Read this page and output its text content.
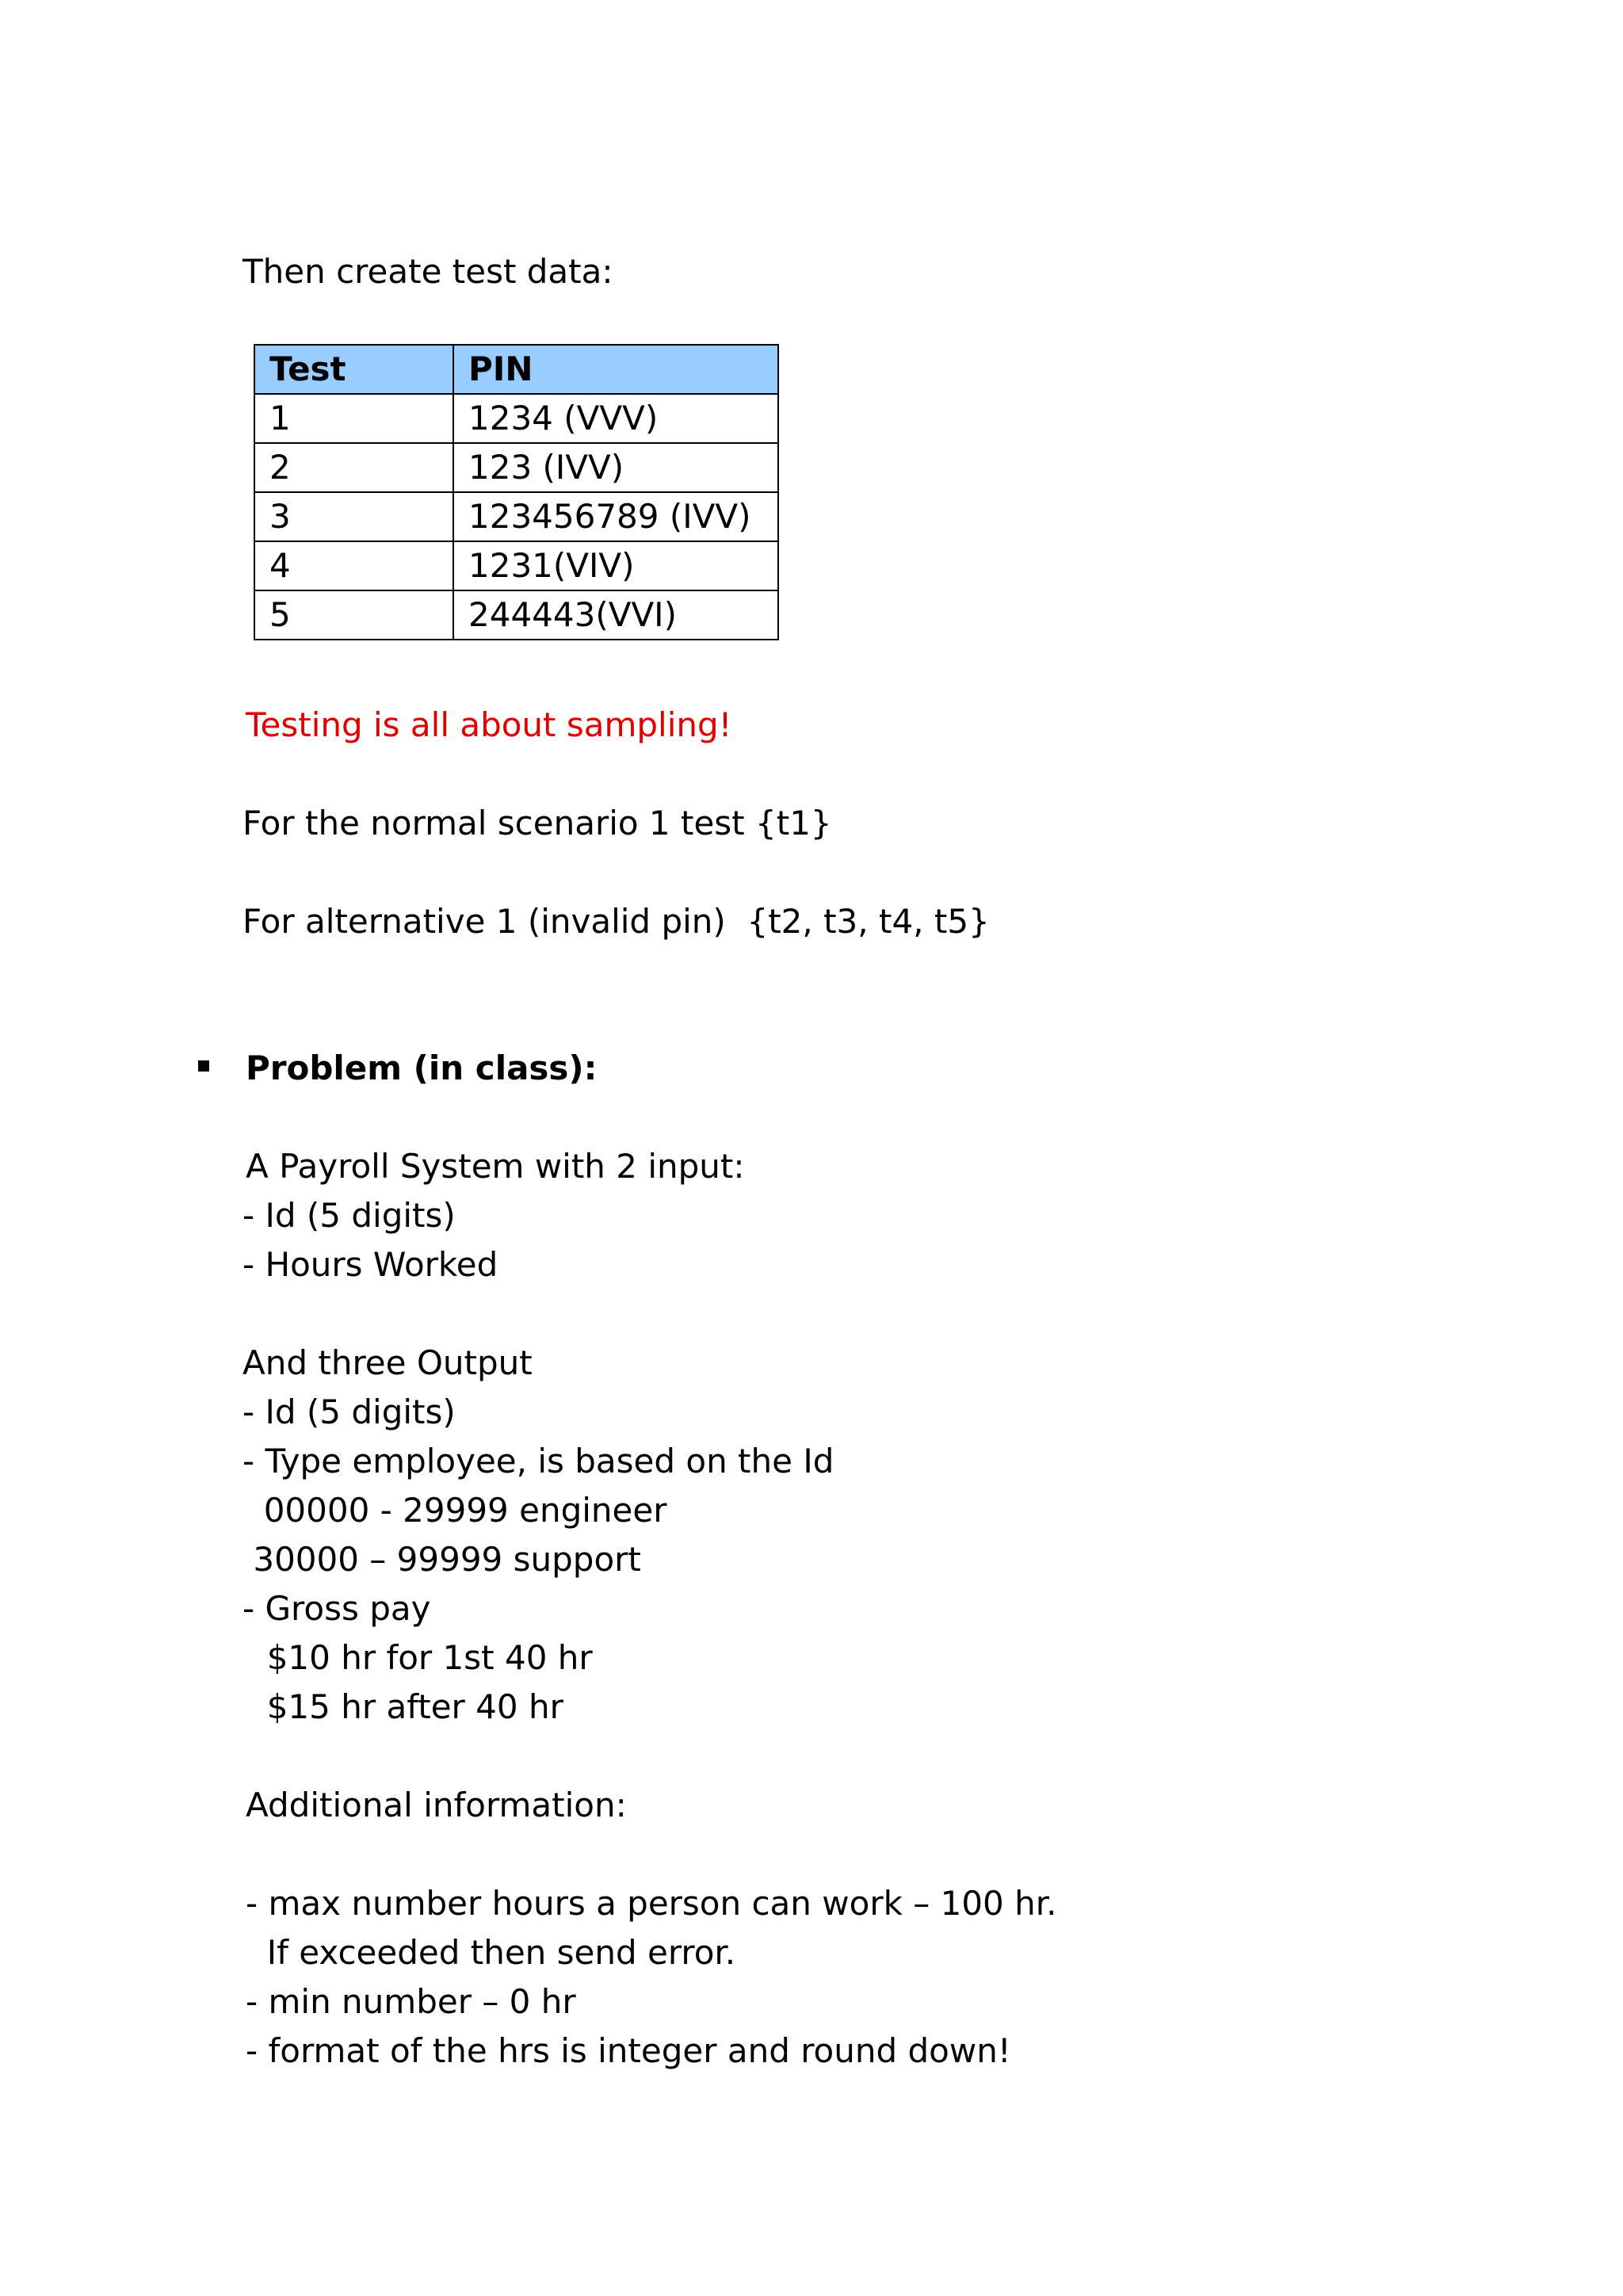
Then create test data:
Test	PIN
1	1234 (VVV)
2	123 (IVV)
3	123456789 (IVV)
4	1231(VIV)
5	244443(VVI)
Testing is all about sampling!
For the normal scenario 1 test {t1}
For alternative 1 (invalid pin)  {t2, t3, t4, t5}
Problem (in class):
A Payroll System with 2 input:
- Id (5 digits)
- Hours Worked
And three Output
- Id (5 digits)
- Type employee, is based on the Id
00000 - 29999 engineer
30000 – 99999 support
- Gross pay
$10 hr for 1st 40 hr
$15 hr after 40 hr
Additional information:
- max number hours a person can work – 100 hr.
If exceeded then send error.
- min number – 0 hr
- format of the hrs is integer and round down!
